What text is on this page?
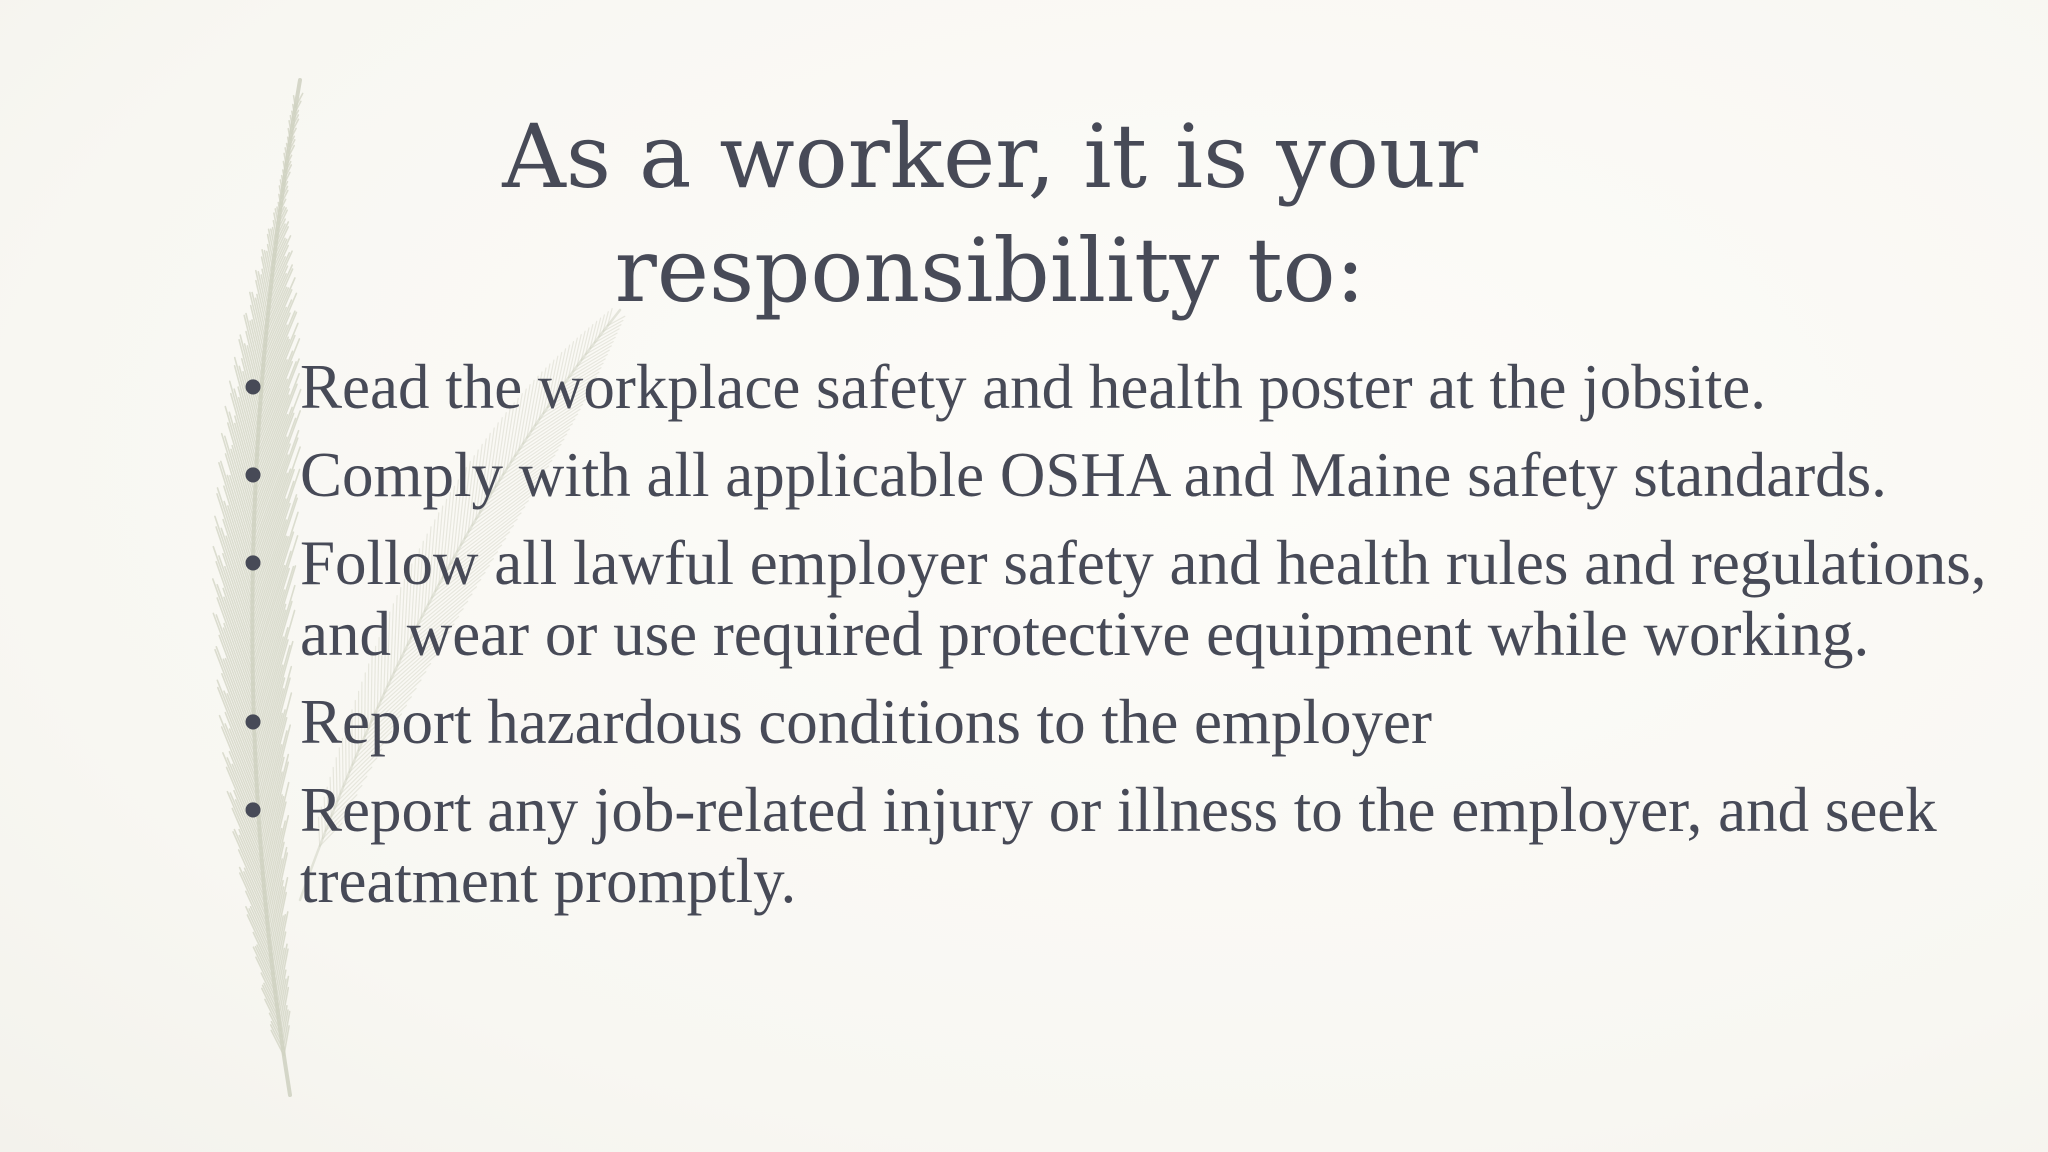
As a worker, it is your responsibility to:
• Read the workplace safety and health poster at the jobsite.
• Comply with all applicable OSHA and Maine safety standards.
• Follow all lawful employer safety and health rules and regulations, and wear or use required protective equipment while working.
• Report hazardous conditions to the employer
• Report any job-related injury or illness to the employer, and seek treatment promptly.
